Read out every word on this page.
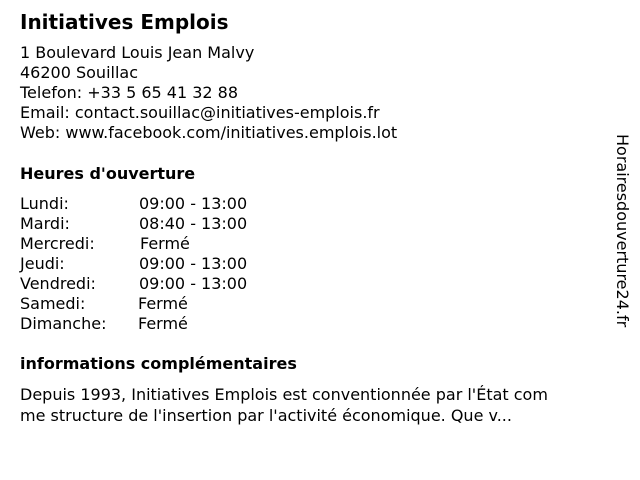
Initiatives Emplois
1 Boulevard Louis Jean Malvy
46200 Souillac
Telefon: +33 5 65 41 32 88
Email: contact.souillac@initiatives-emplois.fr
Web: www.facebook.com/initiatives.emplois.lot
Heures d'ouverture
Lundi:	09:00 - 13:00
Mardi:	08:40 - 13:00
Mercredi:	Fermé
Jeudi:	09:00 - 13:00
Vendredi:	09:00 - 13:00
Samedi:	Fermé
Dimanche: Fermé
informations complémentaires
Depuis 1993, Initiatives Emplois est conventionnée par l'État com
me structure de l'insertion par l'activité économique. Que v...
Horairesdouverture24.fr
